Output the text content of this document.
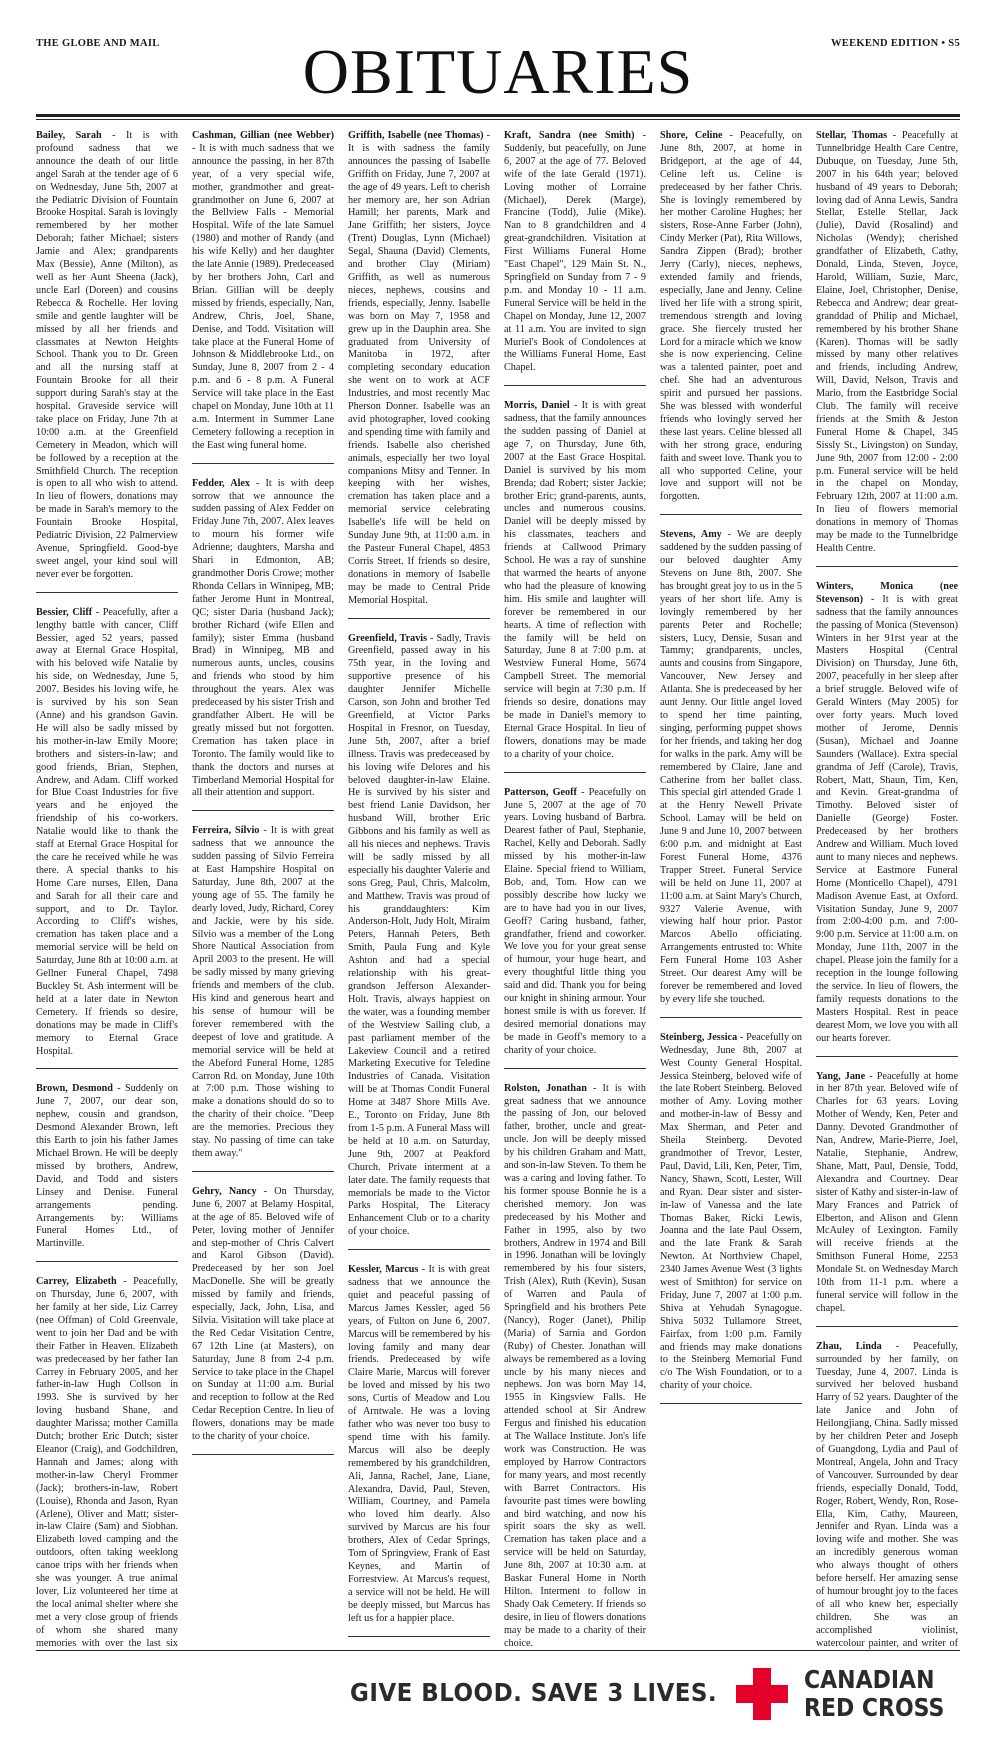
THE GLOBE AND MAIL	OBITUARIES	WEEKEND EDITION • S5

Bailey, Sarah - It is with profound sadness that we announce the death of our little angel Sarah at the tender age of 6 on Wednesday, June 5th, 2007 at the Pediatric Division of Fountain Brooke Hospital. Sarah is lovingly remembered by her mother Deborah; father Michael; sisters Jamie and Alex; grandparents Max (Bessie), Anne (Milton), as well as her Aunt Sheena (Jack), uncle Earl (Doreen) and cousins Rebecca & Rochelle. Her loving smile and gentle laughter will be missed by all her friends and classmates at Newton Heights School. Thank you to Dr. Green and all the nursing staff at Fountain Brooke for all their support during Sarah's stay at the hospital. Graveside service will take place on Friday, June 7th at 10:00 a.m. at the Greenfield Cemetery in Meadon, which will be followed by a reception at the Smithfield Church. The reception is open to all who wish to attend. In lieu of flowers, donations may be made in Sarah's memory to the Fountain Brooke Hospital, Pediatric Division, 22 Palmerview Avenue, Springfield. Good-bye sweet angel, your kind soul will never ever be forgotten.

Bessier, Cliff - Peacefully, after a lengthy battle with cancer, Cliff Bessier, aged 52 years, passed away at Eternal Grace Hospital, with his beloved wife Natalie by his side, on Wednesday, June 5, 2007. Besides his loving wife, he is survived by his son Sean (Anne) and his grandson Gavin. He will also be sadly missed by his mother-in-law Emily Moore; brothers and sisters-in-law; and good friends, Brian, Stephen, Andrew, and Adam. Cliff worked for Blue Coast Industries for five years and he enjoyed the friendship of his co-workers. Natalie would like to thank the staff at Eternal Grace Hospital for the care he received while he was there. A special thanks to his Home Care nurses, Ellen, Dana and Sarah for all their care and support, and to Dr. Taylor. According to Cliff's wishes, cremation has taken place and a memorial service will be held on Saturday, June 8th at 10:00 a.m. at Gellner Funeral Chapel, 7498 Buckley St. Ash interment will be held at a later date in Newton Cemetery. If friends so desire, donations may be made in Cliff's memory to Eternal Grace Hospital.

Brown, Desmond - Suddenly on June 7, 2007, our dear son, nephew, cousin and grandson, Desmond Alexander Brown, left this Earth to join his father James Michael Brown. He will be deeply missed by brothers, Andrew, David, and Todd and sisters Linsey and Denise. Funeral arrangements pending. Arrangements by: Williams Funeral Homes Ltd., of Martinville.

Carrey, Elizabeth - Peacefully, on Thursday, June 6, 2007, with her family at her side, Liz Carrey (nee Offman) of Cold Greenvale, went to join her Dad and be with their Father in Heaven. Elizabeth was predeceased by her father Ian Carrey in February 2005, and her father-in-law Hugh Collson in 1993. She is survived by her loving husband Shane, and daughter Marissa; mother Camilla Dutch; brother Eric Dutch; sister Eleanor (Craig), and Godchildren, Hannah and James; along with mother-in-law Cheryl Frommer (Jack); brothers-in-law, Robert (Louise), Rhonda and Jason, Ryan (Arlene), Oliver and Matt; sister-in-law Claire (Sam) and Siobhan. Elizabeth loved camping and the outdoors, often taking weeklong canoe trips with her friends when she was younger. A true animal lover, Liz volunteered her time at the local animal shelter where she met a very close group of friends of whom she shared many memories with over the last six

Cashman, Gillian (nee Webber) - It is with much sadness that we announce the passing, in her 87th year, of a very special wife, mother, grandmother and great-grandmother on June 6, 2007 at the Bellview Falls - Memorial Hospital. Wife of the late Samuel (1980) and mother of Randy (and his wife Kelly) and her daughter the late Annie (1989). Predeceased by her brothers John, Carl and Brian. Gillian will be deeply missed by friends, especially, Nan, Andrew, Chris, Joel, Shane, Denise, and Todd. Visitation will take place at the Funeral Home of Johnson & Middlebrooke Ltd., on Sunday, June 8, 2007 from 2 - 4 p.m. and 6 - 8 p.m. A Funeral Service will take place in the East chapel on Monday, June 10th at 11 a.m. Interment in Summer Lane Cemetery following a reception in the East wing funeral home.

Fedder, Alex - It is with deep sorrow that we announce the sudden passing of Alex Fedder on Friday June 7th, 2007. Alex leaves to mourn his former wife Adrienne; daughters, Marsha and Shari in Edmonton, AB; grandmother Doris Crowe; mother Rhonda Cellars in Winnipeg, MB; father Jerome Hunt in Montreal, QC; sister Daria (husband Jack); brother Richard (wife Ellen and family); sister Emma (husband Brad) in Winnipeg, MB and numerous aunts, uncles, cousins and friends who stood by him throughout the years. Alex was predeceased by his sister Trish and grandfather Albert. He will be greatly missed but not forgotten. Cremation has taken place in Toronto. The family would like to thank the doctors and nurses at Timberland Memorial Hospital for all their attention and support.

Ferreira, Silvio - It is with great sadness that we announce the sudden passing of Silvio Ferreira at East Hampshire Hospital on Saturday, June 8th, 2007 at the young age of 55. The family he dearly loved, Judy, Richard, Corey and Jackie, were by his side. Silvio was a member of the Long Shore Nautical Association from April 2003 to the present. He will be sadly missed by many grieving friends and members of the club. His kind and generous heart and his sense of humour will be forever remembered with the deepest of love and gratitude. A memorial service will be held at the Abeford Funeral Home, 1285 Carron Rd. on Monday, June 10th at 7:00 p.m. Those wishing to make a donations should do so to the charity of their choice. "Deep are the memories. Precious they stay. No passing of time can take them away."

Gehry, Nancy - On Thursday, June 6, 2007 at Belamy Hospital, at the age of 85. Beloved wife of Peter, loving mother of Jennifer and step-mother of Chris Calvert and Karol Gibson (David). Predeceased by her son Joel MacDonelle. She will be greatly missed by family and friends, especially, Jack, John, Lisa, and Silvia. Visitation will take place at the Red Cedar Visitation Centre, 67 12th Line (at Masters), on Saturday, June 8 from 2-4 p.m. Service to take place in the Chapel on Sunday at 11:00 a.m. Burial and reception to follow at the Red Cedar Reception Centre. In lieu of flowers, donations may be made to the charity of your choice.

Griffith, Isabelle (nee Thomas) - It is with sadness the family announces the passing of Isabelle Griffith on Friday, June 7, 2007 at the age of 49 years. Left to cherish her memory are, her son Adrian Hamill; her parents, Mark and Jane Griffith; her sisters, Joyce (Trent) Douglas, Lynn (Michael) Segal, Shauna (David) Clements, and brother Clay (Miriam) Griffith, as well as numerous nieces, nephews, cousins and friends, especially, Jenny. Isabelle was born on May 7, 1958 and grew up in the Dauphin area. She graduated from University of Manitoba in 1972, after completing secondary education she went on to work at ACF Industries, and most recently Mac Pherson Donner. Isabelle was an avid photographer, loved cooking and spending time with family and friends. Isabelle also cherished animals, especially her two loyal companions Mitsy and Tenner. In keeping with her wishes, cremation has taken place and a memorial service celebrating Isabelle's life will be held on Sunday June 9th, at 11:00 a.m. in the Pasteur Funeral Chapel, 4853 Corris Street. If friends so desire, donations in memory of Isabelle may be made to Central Pride Memorial Hospital.

Greenfield, Travis - Sadly, Travis Greenfield, passed away in his 75th year, in the loving and supportive presence of his daughter Jennifer Michelle Carson, son John and brother Ted Greenfield, at Victor Parks Hospital in Fresnor, on Tuesday, June 5th, 2007, after a brief illness. Travis was predeceased by his loving wife Delores and his beloved daughter-in-law Elaine. He is survived by his sister and best friend Lanie Davidson, her husband Will, brother Eric Gibbons and his family as well as all his nieces and nephews. Travis will be sadly missed by all especially his daughter Valerie and sons Greg, Paul, Chris, Malcolm, and Matthew. Travis was proud of his granddaughters: Kim Anderson-Holt, Judy Holt, Miraim Peters, Hannah Peters, Beth Smith, Paula Fung and Kyle Ashton and had a special relationship with his great-grandson Jefferson Alexander-Holt. Travis, always happiest on the water, was a founding member of the Westview Sailing club, a past parliament member of the Lakeview Council and a retired Marketing Executive for Teledine Industries of Canada. Visitation will be at Thomas Condit Funeral Home at 3487 Shore Mills Ave. E., Toronto on Friday, June 8th from 1-5 p.m. A Funeral Mass will be held at 10 a.m. on Saturday, June 9th, 2007 at Peakford Church. Private interment at a later date. The family requests that memorials be made to the Victor Parks Hospital, The Literacy Enhancement Club or to a charity of your choice.

Kessler, Marcus - It is with great sadness that we announce the quiet and peaceful passing of Marcus James Kessler, aged 56 years, of Fulton on June 6, 2007. Marcus will be remembered by his loving family and many dear friends. Predeceased by wife Claire Marie, Marcus will forever be loved and missed by his two sons, Curtis of Meadow and Lou of Arntwale. He was a loving father who was never too busy to spend time with his family. Marcus will also be deeply remembered by his grandchildren, Ali, Janna, Rachel, Jane, Liane, Alexandra, David, Paul, Steven, William, Courtney, and Pamela who loved him dearly. Also survived by Marcus are his four brothers, Alex of Cedar Springs, Tom of Springview, Frank of East Keynes, and Martin of Forrestview. At Marcus's request, a service will not be held. He will be deeply missed, but Marcus has left us for a happier place.

Kraft, Sandra (nee Smith) - Suddenly, but peacefully, on June 6, 2007 at the age of 77. Beloved wife of the late Gerald (1971). Loving mother of Lorraine (Michael), Derek (Marge), Francine (Todd), Julie (Mike). Nan to 8 grandchildren and 4 great-grandchildren. Visitation at First Williams Funeral Home "East Chapel", 129 Main St. N., Springfield on Sunday from 7 - 9 p.m. and Monday 10 - 11 a.m. Funeral Service will be held in the Chapel on Monday, June 12, 2007 at 11 a.m. You are invited to sign Muriel's Book of Condolences at the Williams Funeral Home, East Chapel.

Morris, Daniel - It is with great sadness, that the family announces the sudden passing of Daniel at age 7, on Thursday, June 6th, 2007 at the East Grace Hospital. Daniel is survived by his mom Brenda; dad Robert; sister Jackie; brother Eric; grand-parents, aunts, uncles and numerous cousins. Daniel will be deeply missed by his classmates, teachers and friends at Callwood Primary School. He was a ray of sunshine that warmed the hearts of anyone who had the pleasure of knowing him. His smile and laughter will forever be remembered in our hearts. A time of reflection with the family will be held on Saturday, June 8 at 7:00 p.m. at Westview Funeral Home, 5674 Campbell Street. The memorial service will begin at 7:30 p.m. If friends so desire, donations may be made in Daniel's memory to Eternal Grace Hospital. In lieu of flowers, donations may be made to a charity of your choice.

Patterson, Geoff - Peacefully on June 5, 2007 at the age of 70 years. Loving husband of Barbra. Dearest father of Paul, Stephanie, Rachel, Kelly and Deborah. Sadly missed by his mother-in-law Elaine. Special friend to William, Bob, and, Tom. How can we possibly describe how lucky we are to have had you in our lives, Geoff? Caring husband, father, grandfather, friend and coworker. We love you for your great sense of humour, your huge heart, and every thoughtful little thing you said and did. Thank you for being our knight in shining armour. Your honest smile is with us forever. If desired memorial donations may be made in Geoff's memory to a charity of your choice.

Rolston, Jonathan - It is with great sadness that we announce the passing of Jon, our beloved father, brother, uncle and great-uncle. Jon will be deeply missed by his children Graham and Matt, and son-in-law Steven. To them he was a caring and loving father. To his former spouse Bonnie he is a cherished memory. Jon was predeceased by his Mother and Father in 1995, also by two brothers, Andrew in 1974 and Bill in 1996. Jonathan will be lovingly remembered by his four sisters, Trish (Alex), Ruth (Kevin), Susan of Warren and Paula of Springfield and his brothers Pete (Nancy), Roger (Janet), Philip (Maria) of Sarnia and Gordon (Ruby) of Chester. Jonathan will always be remembered as a loving uncle by his many nieces and nephews. Jon was born May 14, 1955 in Kingsview Falls. He attended school at Sir Andrew Fergus and finished his education at The Wallace Institute. Jon's life work was Construction. He was employed by Harrow Contractors for many years, and most recently with Barret Contractors. His favourite past times were bowling and bird watching, and now his spirit soars the sky as well. Cremation has taken place and a service will be held on Saturday, June 8th, 2007 at 10:30 a.m. at Baskar Funeral Home in North Hilton. Interment to follow in Shady Oak Cemetery. If friends so desire, in lieu of flowers donations may be made to a charity of their choice.

Shore, Celine - Peacefully, on June 8th, 2007, at home in Bridgeport, at the age of 44, Celine left us. Celine is predeceased by her father Chris. She is lovingly remembered by her mother Caroline Hughes; her sisters, Rose-Anne Farber (John), Cindy Merker (Pat), Rita Willows, Sandra Zippen (Brad); brother Jerry (Carly), nieces, nephews, extended family and friends, especially, Jane and Jenny. Celine lived her life with a strong spirit, tremendous strength and loving grace. She fiercely trusted her Lord for a miracle which we know she is now experiencing. Celine was a talented painter, poet and chef. She had an adventurous spirit and pursued her passions. She was blessed with wonderful friends who lovingly served her these last years. Celine blessed all with her strong grace, enduring faith and sweet love. Thank you to all who supported Celine, your love and support will not be forgotten.

Stevens, Amy - We are deeply saddened by the sudden passing of our beloved daughter Amy Stevens on June 8th, 2007. She has brought great joy to us in the 5 years of her short life. Amy is lovingly remembered by her parents Peter and Rochelle; sisters, Lucy, Densie, Susan and Tammy; grandparents, uncles, aunts and cousins from Singapore, Vancouver, New Jersey and Atlanta. She is predeceased by her aunt Jenny. Our little angel loved to spend her time painting, singing, performing puppet shows for her friends, and taking her dog for walks in the park. Amy will be remembered by Claire, Jane and Catherine from her ballet class. This special girl attended Grade 1 at the Henry Newell Private School. Lamay will be held on June 9 and June 10, 2007 between 6:00 p.m. and midnight at East Forest Funeral Home, 4376 Trapper Street. Funeral Service will be held on June 11, 2007 at 11:00 a.m. at Saint Mary's Church, 9327 Valerie Avenue, with viewing half hour prior. Pastor Marcos Abello officiating. Arrangements entrusted to: White Fern Funeral Home 103 Asher Street. Our dearest Amy will be forever be remembered and loved by every life she touched.

Steinberg, Jessica - Peacefully on Wednesday, June 8th, 2007 at West County General Hospital. Jessica Steinberg, beloved wife of the late Robert Steinberg. Beloved mother of Amy. Loving mother and mother-in-law of Bessy and Max Sherman, and Peter and Sheila Steinberg. Devoted grandmother of Trevor, Lester, Paul, David, Lili, Ken, Peter, Tim, Nancy, Shawn, Scott, Lester, Will and Ryan. Dear sister and sister-in-law of Vanessa and the late Thomas Baker, Ricki Lewis, Joanna and the late Paul Ossem, and the late Frank & Sarah Newton. At Northview Chapel, 2340 James Avenue West (3 lights west of Smithton) for service on Friday, June 7, 2007 at 1:00 p.m. Shiva at Yehudah Synagogue. Shiva 5032 Tullamore Street, Fairfax, from 1:00 p.m. Family and friends may make donations to the Steinberg Memorial Fund c/o The Wish Foundation, or to a charity of your choice.

Stellar, Thomas - Peacefully at Tunnelbridge Health Care Centre, Dubuque, on Tuesday, June 5th, 2007 in his 64th year; beloved husband of 49 years to Deborah; loving dad of Anna Lewis, Sandra Stellar, Estelle Stellar, Jack (Julie), David (Rosalind) and Nicholas (Wendy); cherished grandfather of Elizabeth, Cathy, Donald, Linda, Steven, Joyce, Harold, William, Suzie, Marc, Elaine, Joel, Christopher, Denise, Rebecca and Andrew; dear great-granddad of Philip and Michael, remembered by his brother Shane (Karen). Thomas will be sadly missed by many other relatives and friends, including Andrew, Will, David, Nelson, Travis and Mario, from the Eastbridge Social Club. The family will receive friends at the Smith & Jeston Funeral Home & Chapel, 345 Sissly St., Livingston) on Sunday, June 9th, 2007 from 12:00 - 2:00 p.m. Funeral service will be held in the chapel on Monday, February 12th, 2007 at 11:00 a.m. In lieu of flowers memorial donations in memory of Thomas may be made to the Tunnelbridge Health Centre.

Winters, Monica (nee Stevenson) - It is with great sadness that the family announces the passing of Monica (Stevenson) Winters in her 91rst year at the Masters Hospital (Central Division) on Thursday, June 6th, 2007, peacefully in her sleep after a brief struggle. Beloved wife of Gerald Winters (May 2005) for over forty years. Much loved mother of Jerome, Dennis (Susan), Michael and Joanne Saunders (Wallace). Extra special grandma of Jeff (Carole), Travis, Robert, Matt, Shaun, Tim, Ken, and Kevin. Great-grandma of Timothy. Beloved sister of Danielle (George) Foster. Predeceased by her brothers Andrew and William. Much loved aunt to many nieces and nephews. Service at Eastmore Funeral Home (Monticello Chapel), 4791 Madison Avenue East, at Oxford. Visitation Sunday, June 9, 2007 from 2:00-4:00 p.m. and 7:00-9:00 p.m. Service at 11:00 a.m. on Monday, June 11th, 2007 in the chapel. Please join the family for a reception in the lounge following the service. In lieu of flowers, the family requests donations to the Masters Hospital. Rest in peace dearest Mom, we love you with all our hearts forever.

Yang, Jane - Peacefully at home in her 87th year. Beloved wife of Charles for 63 years. Loving Mother of Wendy, Ken, Peter and Danny. Devoted Grandmother of Nan, Andrew, Marie-Pierre, Joel, Natalie, Stephanie, Andrew, Shane, Matt, Paul, Densie, Todd, Alexandra and Courtney. Dear sister of Kathy and sister-in-law of Mary Frances and Patrick of Elberton, and Alison and Glenn McAuley of Lexington. Family will receive friends at the Smithson Funeral Home, 2253 Mondale St. on Wednesday March 10th from 11-1 p.m. where a funeral service will follow in the chapel.

Zhau, Linda - Peacefully, surrounded by her family, on Tuesday, June 4, 2007. Linda is survived her beloved husband Harry of 52 years. Daughter of the late Janice and John of Heilongjiang, China. Sadly missed by her children Peter and Joseph of Guangdong, Lydia and Paul of Montreal, Angela, John and Tracy of Vancouver. Surrounded by dear friends, especially Donald, Todd, Roger, Robert, Wendy, Ron, Rose-Ella, Kim, Cathy, Maureen, Jennifer and Ryan. Linda was a loving wife and mother. She was an incredibly generous woman who always thought of others before herself. Her amazing sense of humour brought joy to the faces of all who knew her, especially children. She was an accomplished violinist, watercolour painter, and writer of

GIVE BLOOD. SAVE 3 LIVES.	CANADIAN
RED CROSS
